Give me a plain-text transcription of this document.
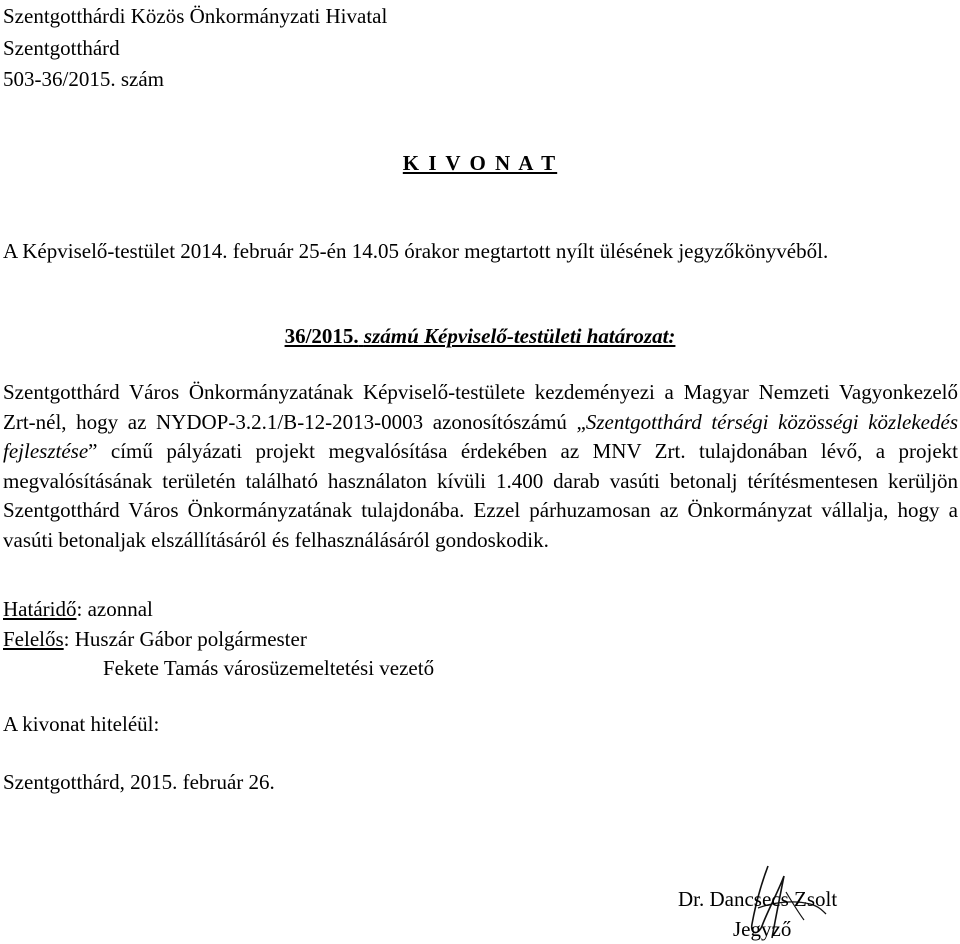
Szentgotthárdi Közös Önkormányzati Hivatal
Szentgotthárd
503-36/2015. szám
K I V O N A T
A Képviselő-testület 2014. február 25-én 14.05 órakor megtartott nyílt ülésének jegyzőkönyvéből.
36/2015. számú Képviselő-testületi határozat:
Szentgotthárd Város Önkormányzatának Képviselő-testülete kezdeményezi a Magyar Nemzeti Vagyonkezelő Zrt-nél, hogy az NYDOP-3.2.1/B-12-2013-0003 azonosítószámú „Szentgotthárd térségi közösségi közlekedés fejlesztése” című pályázati projekt megvalósítása érdekében az MNV Zrt. tulajdonában lévő, a projekt megvalósításának területén található használaton kívüli 1.400 darab vasúti betonalj térítésmentesen kerüljön Szentgotthárd Város Önkormányzatának tulajdonába. Ezzel párhuzamosan az Önkormányzat vállalja, hogy a vasúti betonaljak elszállításáról és felhasználásáról gondoskodik.
Határidő: azonnal
Felelős: Huszár Gábor polgármester
Fekete Tamás városüzemeltetési vezető
A kivonat hiteléül:
Szentgotthárd, 2015. február 26.
Dr. Dancsecs Zsolt
Jegyző
